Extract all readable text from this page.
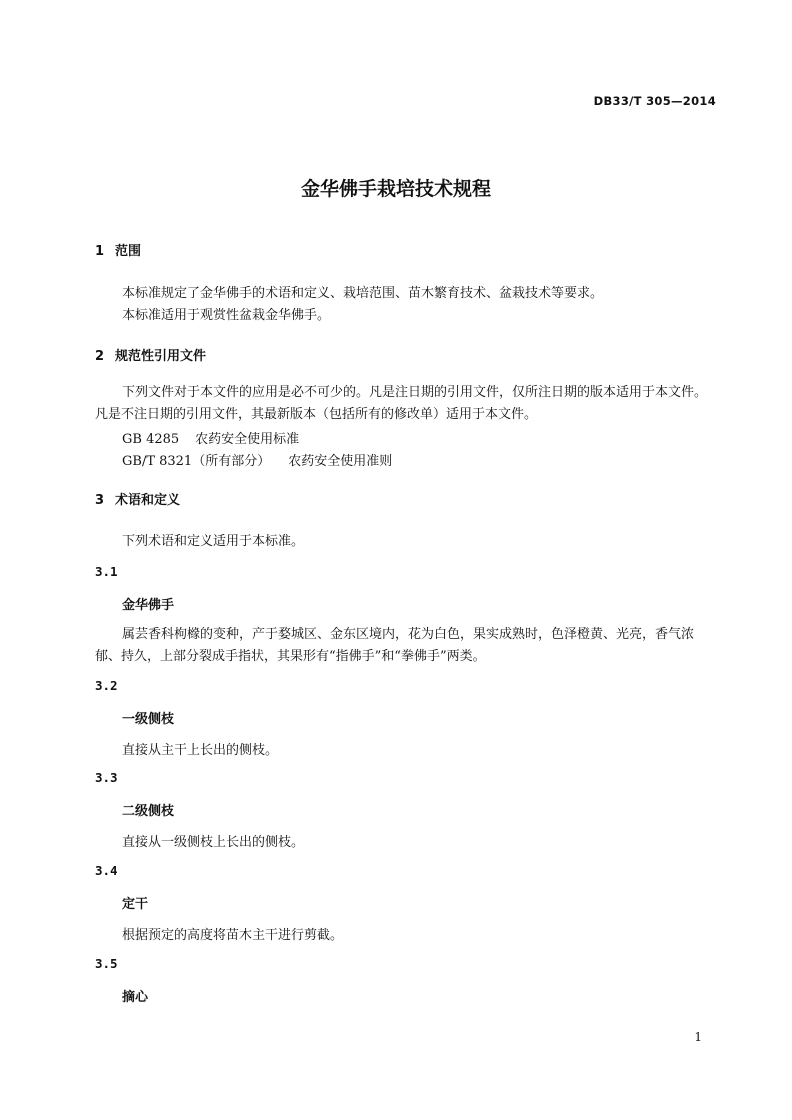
DB33/T 305—2014
金华佛手栽培技术规程
1 范围
本标准规定了金华佛手的术语和定义、栽培范围、苗木繁育技术、盆栽技术等要求。
本标准适用于观赏性盆栽金华佛手。
2 规范性引用文件
下列文件对于本文件的应用是必不可少的。凡是注日期的引用文件，仅所注日期的版本适用于本文件。凡是不注日期的引用文件，其最新版本（包括所有的修改单）适用于本文件。
GB 4285 农药安全使用标准
GB/T 8321（所有部分） 农药安全使用准则
3 术语和定义
下列术语和定义适用于本标准。
3.1
金华佛手
属芸香科枸橼的变种，产于婺城区、金东区境内，花为白色，果实成熟时，色泽橙黄、光亮，香气浓郁、持久，上部分裂成手指状，其果形有“指佛手”和“拳佛手”两类。
3.2
一级侧枝
直接从主干上长出的侧枝。
3.3
二级侧枝
直接从一级侧枝上长出的侧枝。
3.4
定干
根据预定的高度将苗木主干进行剪截。
3.5
摘心
1
